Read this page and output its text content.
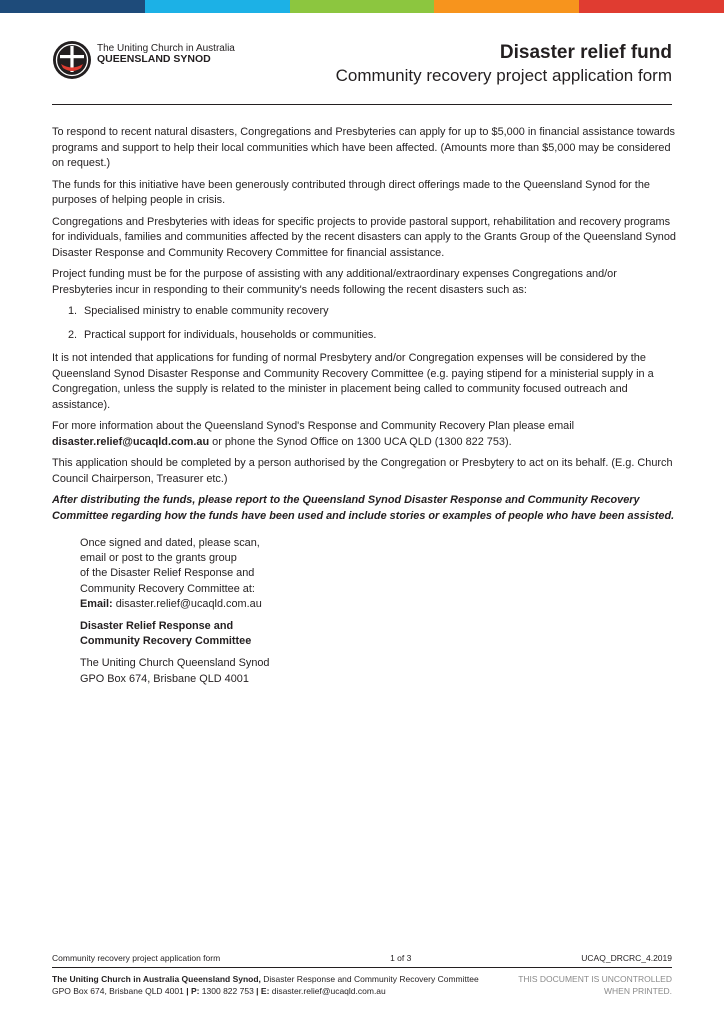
The Uniting Church in Australia
QUEENSLAND SYNOD	Disaster relief fund
Community recovery project application form

To respond to recent natural disasters, Congregations and Presbyteries can apply for up to $5,000 in financial assistance towards programs and support to help their local communities which have been affected. (Amounts more than $5,000 may be considered on request.)

The funds for this initiative have been generously contributed through direct offerings made to the Queensland Synod for the purposes of helping people in crisis.

Congregations and Presbyteries with ideas for specific projects to provide pastoral support, rehabilitation and recovery programs for individuals, families and communities affected by the recent disasters can apply to the Grants Group of the Queensland Synod Disaster Response and Community Recovery Committee for financial assistance.

Project funding must be for the purpose of assisting with any additional/extraordinary expenses Congregations and/or Presbyteries incur in responding to their community's needs following the recent disasters such as:

1. Specialised ministry to enable community recovery
2. Practical support for individuals, households or communities.

It is not intended that applications for funding of normal Presbytery and/or Congregation expenses will be considered by the Queensland Synod Disaster Response and Community Recovery Committee (e.g. paying stipend for a ministerial supply in a Congregation, unless the supply is related to the minister in placement being called to community focused outreach and assistance).

For more information about the Queensland Synod's Response and Community Recovery Plan please email
disaster.relief@ucaqld.com.au or phone the Synod Office on 1300 UCA QLD (1300 822 753).

This application should be completed by a person authorised by the Congregation or Presbytery to act on its behalf. (E.g. Church Council Chairperson, Treasurer etc.)

After distributing the funds, please report to the Queensland Synod Disaster Response and Community Recovery Committee regarding how the funds have been used and include stories or examples of people who have been assisted.

Once signed and dated, please scan,
email or post to the grants group
of the Disaster Relief Response and
Community Recovery Committee at:
Email: disaster.relief@ucaqld.com.au
Disaster Relief Response and
Community Recovery Committee
The Uniting Church Queensland Synod
GPO Box 674, Brisbane QLD 4001
Community recovery project application form	1 of 3	UCAQ_DRCRC_4.2019
The Uniting Church in Australia Queensland Synod, Disaster Response and Community Recovery Committee
GPO Box 674, Brisbane QLD 4001 | P: 1300 822 753 | E: disaster.relief@ucaqld.com.au
THIS DOCUMENT IS UNCONTROLLED
WHEN PRINTED.
